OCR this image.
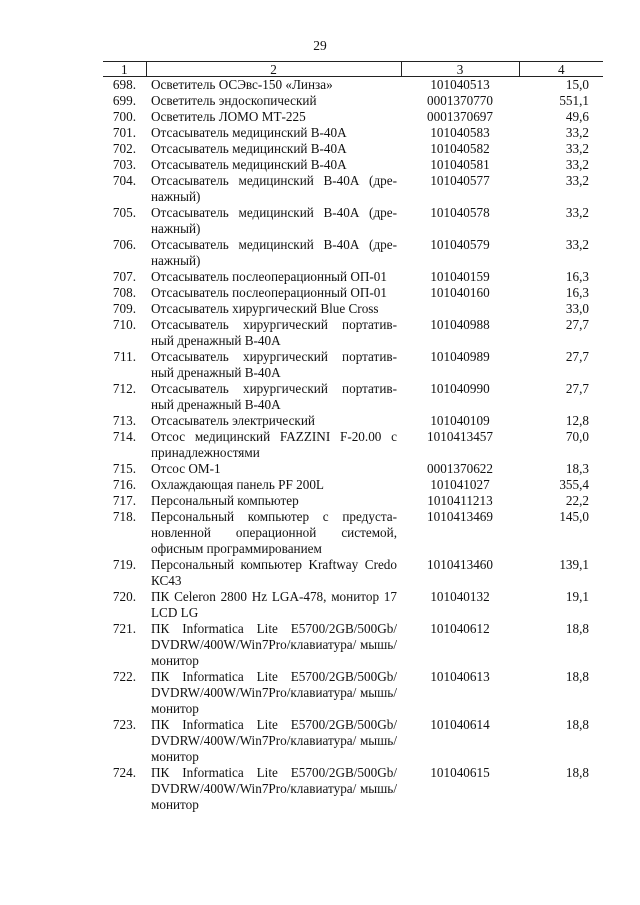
29
1	2	3	4
698.	Осветитель ОСЭвс-150 «Линза»	101040513	15,0
699.	Осветитель эндоскопический	0001370770	551,1
700.	Осветитель ЛОМО МТ-225	0001370697	49,6
701.	Отсасыватель медицинский В-40А	101040583	33,2
702.	Отсасыватель медицинский В-40А	101040582	33,2
703.	Отсасыватель медицинский В-40А	101040581	33,2
704.	Отсасыватель медицинский В-40А (дре-нажный)	101040577	33,2
705.	Отсасыватель медицинский В-40А (дре-нажный)	101040578	33,2
706.	Отсасыватель медицинский В-40А (дре-нажный)	101040579	33,2
707.	Отсасыватель послеоперационный ОП-01	101040159	16,3
708.	Отсасыватель послеоперационный ОП-01	101040160	16,3
709.	Отсасыватель хирургический Blue Cross		33,0
710.	Отсасыватель хирургический портатив-ный дренажный В-40А	101040988	27,7
711.	Отсасыватель хирургический портатив-ный дренажный В-40А	101040989	27,7
712.	Отсасыватель хирургический портатив-ный дренажный В-40А	101040990	27,7
713.	Отсасыватель электрический	101040109	12,8
714.	Отсос медицинский FAZZINI F-20.00 с принадлежностями	1010413457	70,0
715.	Отсос ОМ-1	0001370622	18,3
716.	Охлаждающая панель PF 200L	101041027	355,4
717.	Персональный компьютер	1010411213	22,2
718.	Персональный компьютер с предуста-новленной операционной системой, офисным программированием	1010413469	145,0
719.	Персональный компьютер Kraftway Credo КС43	1010413460	139,1
720.	ПК Celeron 2800 Hz LGA-478, монитор 17 LCD LG	101040132	19,1
721.	ПК Informatica Lite E5700/2GB/500Gb/ DVDRW/400W/Win7Pro/клавиатура/ мышь/ монитор	101040612	18,8
722.	ПК Informatica Lite E5700/2GB/500Gb/ DVDRW/400W/Win7Pro/клавиатура/ мышь/монитор	101040613	18,8
723.	ПК Informatica Lite E5700/2GB/500Gb/ DVDRW/400W/Win7Pro/клавиатура/ мышь/монитор	101040614	18,8
724.	ПК Informatica Lite E5700/2GB/500Gb/ DVDRW/400W/Win7Pro/клавиатура/ мышь/монитор	101040615	18,8
